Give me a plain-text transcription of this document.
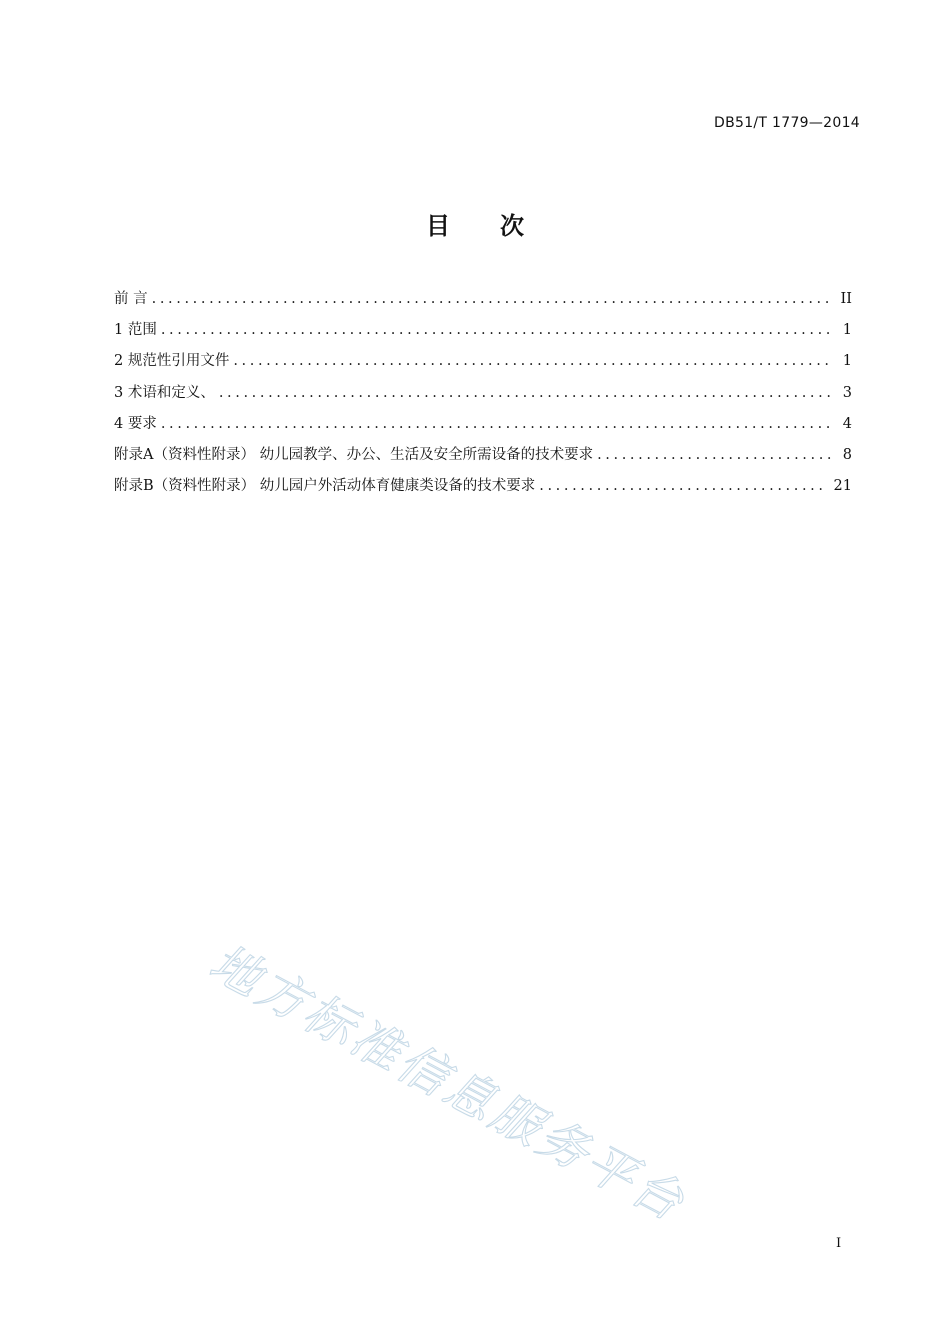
DB51/T 1779—2014
目次
前 言 .....	II
1 范围 .....	1
2 规范性引用文件 .....	1
3 术语和定义、 .....	3
4 要求 .....	4
附录A（资料性附录） 幼儿园教学、办公、生活及安全所需设备的技术要求 .....	8
附录B（资料性附录） 幼儿园户外活动体育健康类设备的技术要求 .....	21
地方标准信息服务平台
I
